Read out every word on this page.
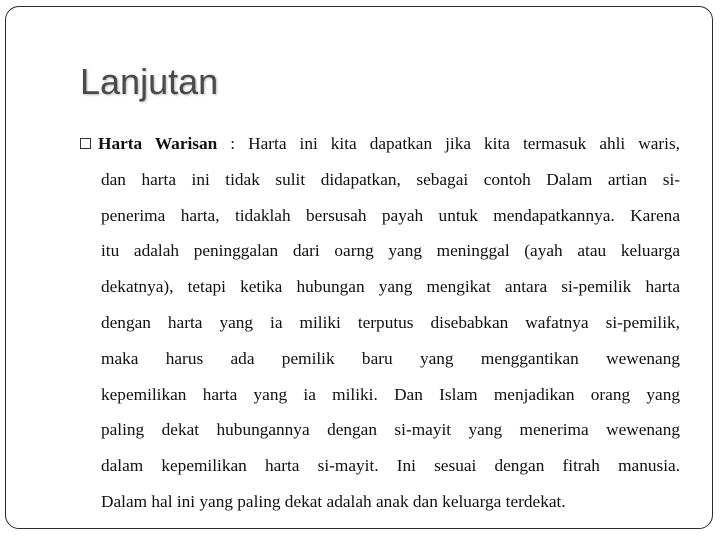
Lanjutan
Harta Warisan : Harta ini kita dapatkan jika kita termasuk ahli waris,
dan harta ini tidak sulit didapatkan, sebagai contoh Dalam artian si-
penerima harta, tidaklah bersusah payah untuk mendapatkannya. Karena
itu adalah peninggalan dari oarng yang meninggal (ayah atau keluarga
dekatnya), tetapi ketika hubungan yang mengikat antara si-pemilik harta
dengan harta yang ia miliki terputus disebabkan wafatnya si-pemilik,
maka harus ada pemilik baru yang menggantikan wewenang
kepemilikan harta yang ia miliki. Dan Islam menjadikan orang yang
paling dekat hubungannya dengan si-mayit yang menerima wewenang
dalam kepemilikan harta si-mayit. Ini sesuai dengan fitrah manusia.
Dalam hal ini yang paling dekat adalah anak dan keluarga terdekat.
